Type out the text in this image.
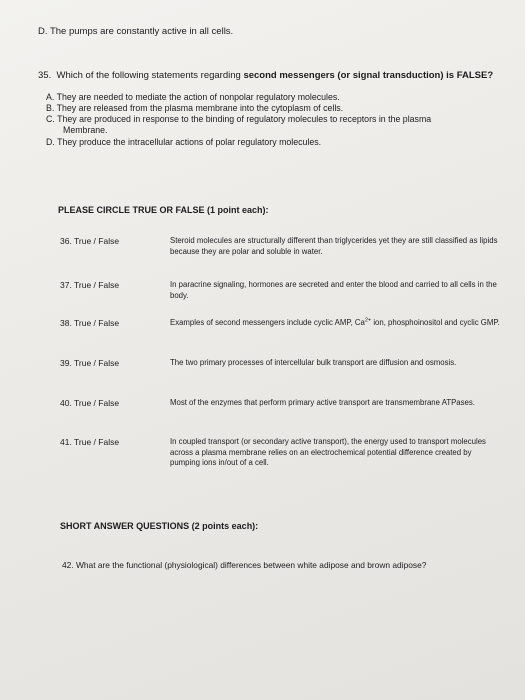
D. The pumps are constantly active in all cells.
35. Which of the following statements regarding second messengers (or signal transduction) is FALSE?
A. They are needed to mediate the action of nonpolar regulatory molecules.
B. They are released from the plasma membrane into the cytoplasm of cells.
C. They are produced in response to the binding of regulatory molecules to receptors in the plasma
Membrane.
D. They produce the intracellular actions of polar regulatory molecules.
PLEASE CIRCLE TRUE OR FALSE (1 point each):
36. True / False	Steroid molecules are structurally different than triglycerides yet they are still classified as lipids because they are polar and soluble in water.
37. True / False	In paracrine signaling, hormones are secreted and enter the blood and carried to all cells in the body.
38. True / False	Examples of second messengers include cyclic AMP, $Ca^{2+}$ ion, phosphoinositol and cyclic GMP.
39. True / False	The two primary processes of intercellular bulk transport are diffusion and osmosis.
40. True / False	Most of the enzymes that perform primary active transport are transmembrane ATPases.
41. True / False	In coupled transport (or secondary active transport), the energy used to transport molecules across a plasma membrane relies on an electrochemical potential difference created by pumping ions in/out of a cell.
SHORT ANSWER QUESTIONS (2 points each):
42. What are the functional (physiological) differences between white adipose and brown adipose?
